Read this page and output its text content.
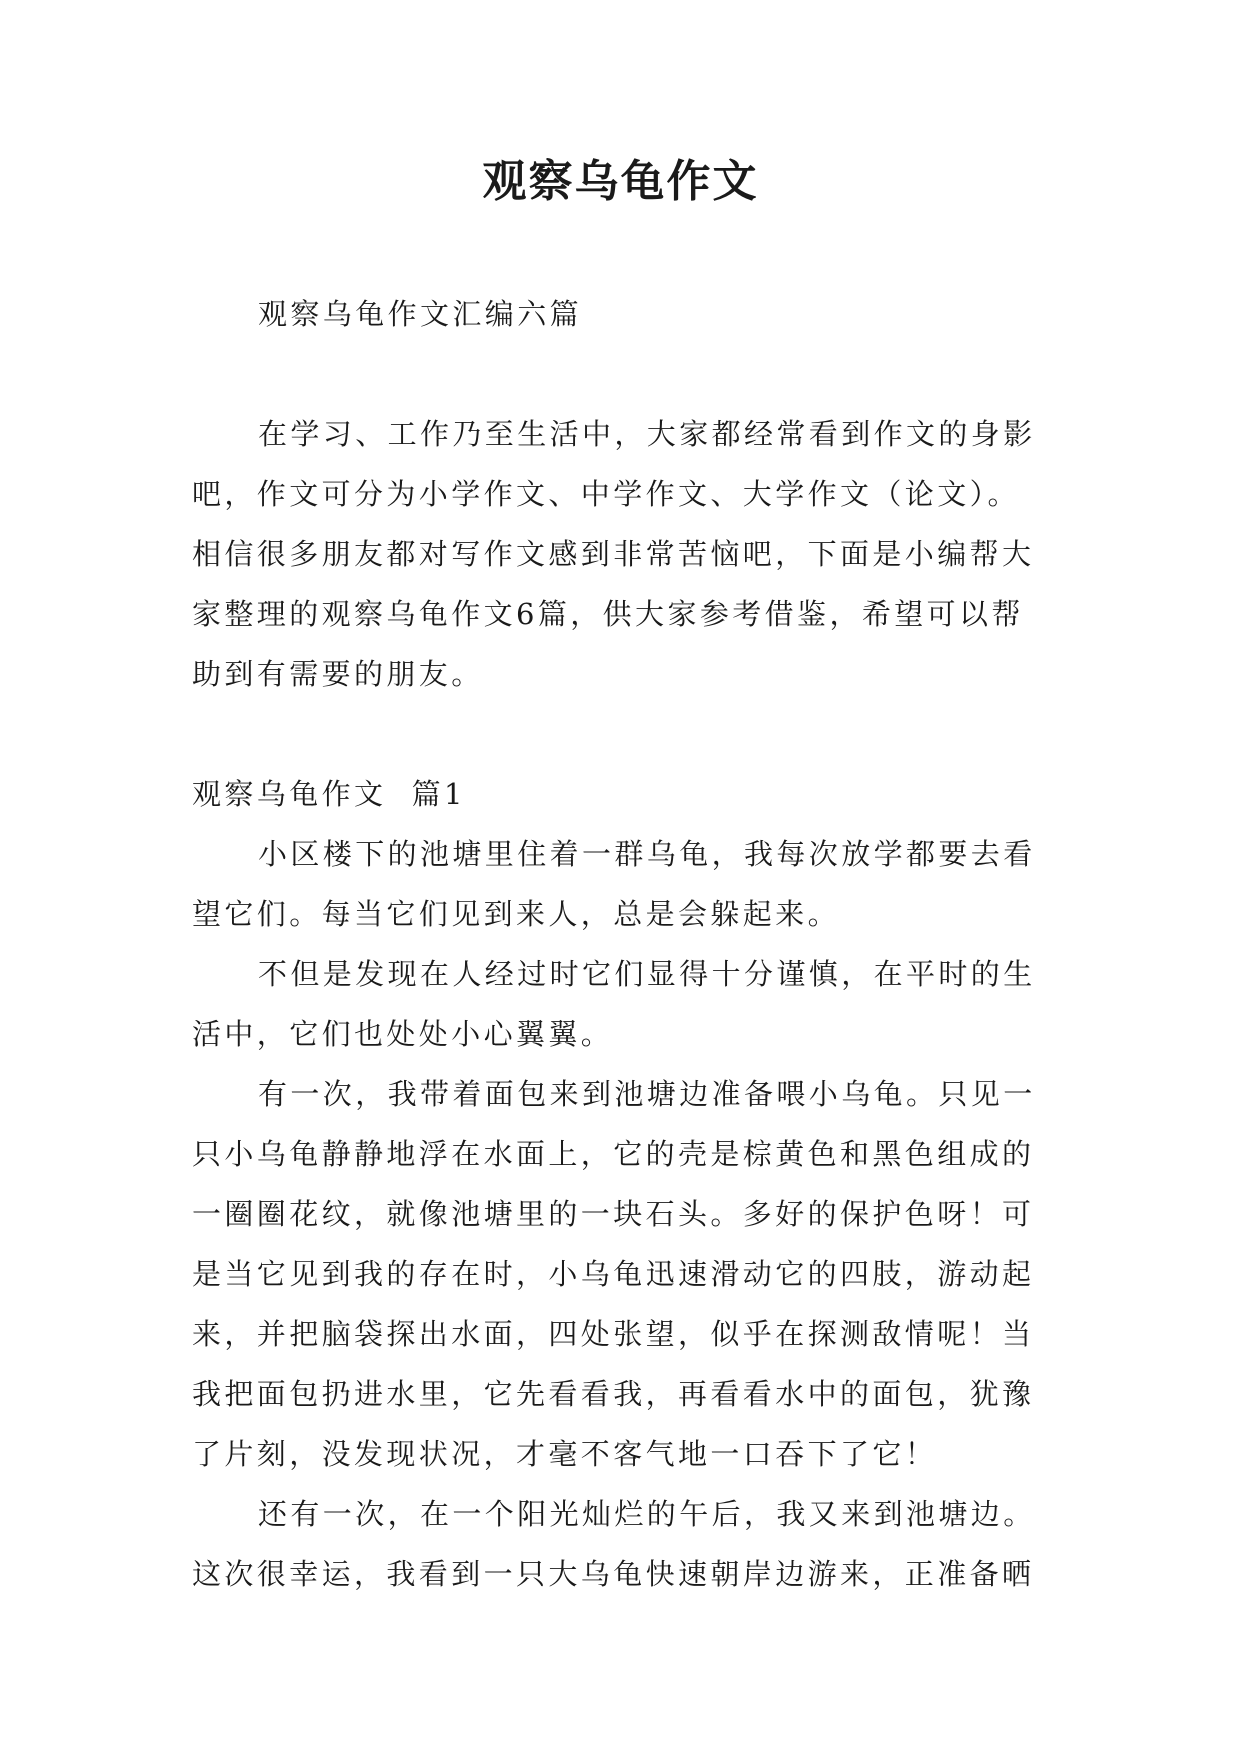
观察乌龟作文
观察乌龟作文汇编六篇
在学习、工作乃至生活中，大家都经常看到作文的身影
吧，作文可分为小学作文、中学作文、大学作文（论文）。
相信很多朋友都对写作文感到非常苦恼吧，下面是小编帮大
家整理的观察乌龟作文6篇，供大家参考借鉴，希望可以帮
助到有需要的朋友。
观察乌龟作文  篇1
小区楼下的池塘里住着一群乌龟，我每次放学都要去看
望它们。每当它们见到来人，总是会躲起来。
不但是发现在人经过时它们显得十分谨慎，在平时的生
活中，它们也处处小心翼翼。
有一次，我带着面包来到池塘边准备喂小乌龟。只见一
只小乌龟静静地浮在水面上，它的壳是棕黄色和黑色组成的
一圈圈花纹，就像池塘里的一块石头。多好的保护色呀！可
是当它见到我的存在时，小乌龟迅速滑动它的四肢，游动起
来，并把脑袋探出水面，四处张望，似乎在探测敌情呢！当
我把面包扔进水里，它先看看我，再看看水中的面包，犹豫
了片刻，没发现状况，才毫不客气地一口吞下了它！
还有一次，在一个阳光灿烂的午后，我又来到池塘边。
这次很幸运，我看到一只大乌龟快速朝岸边游来，正准备晒
